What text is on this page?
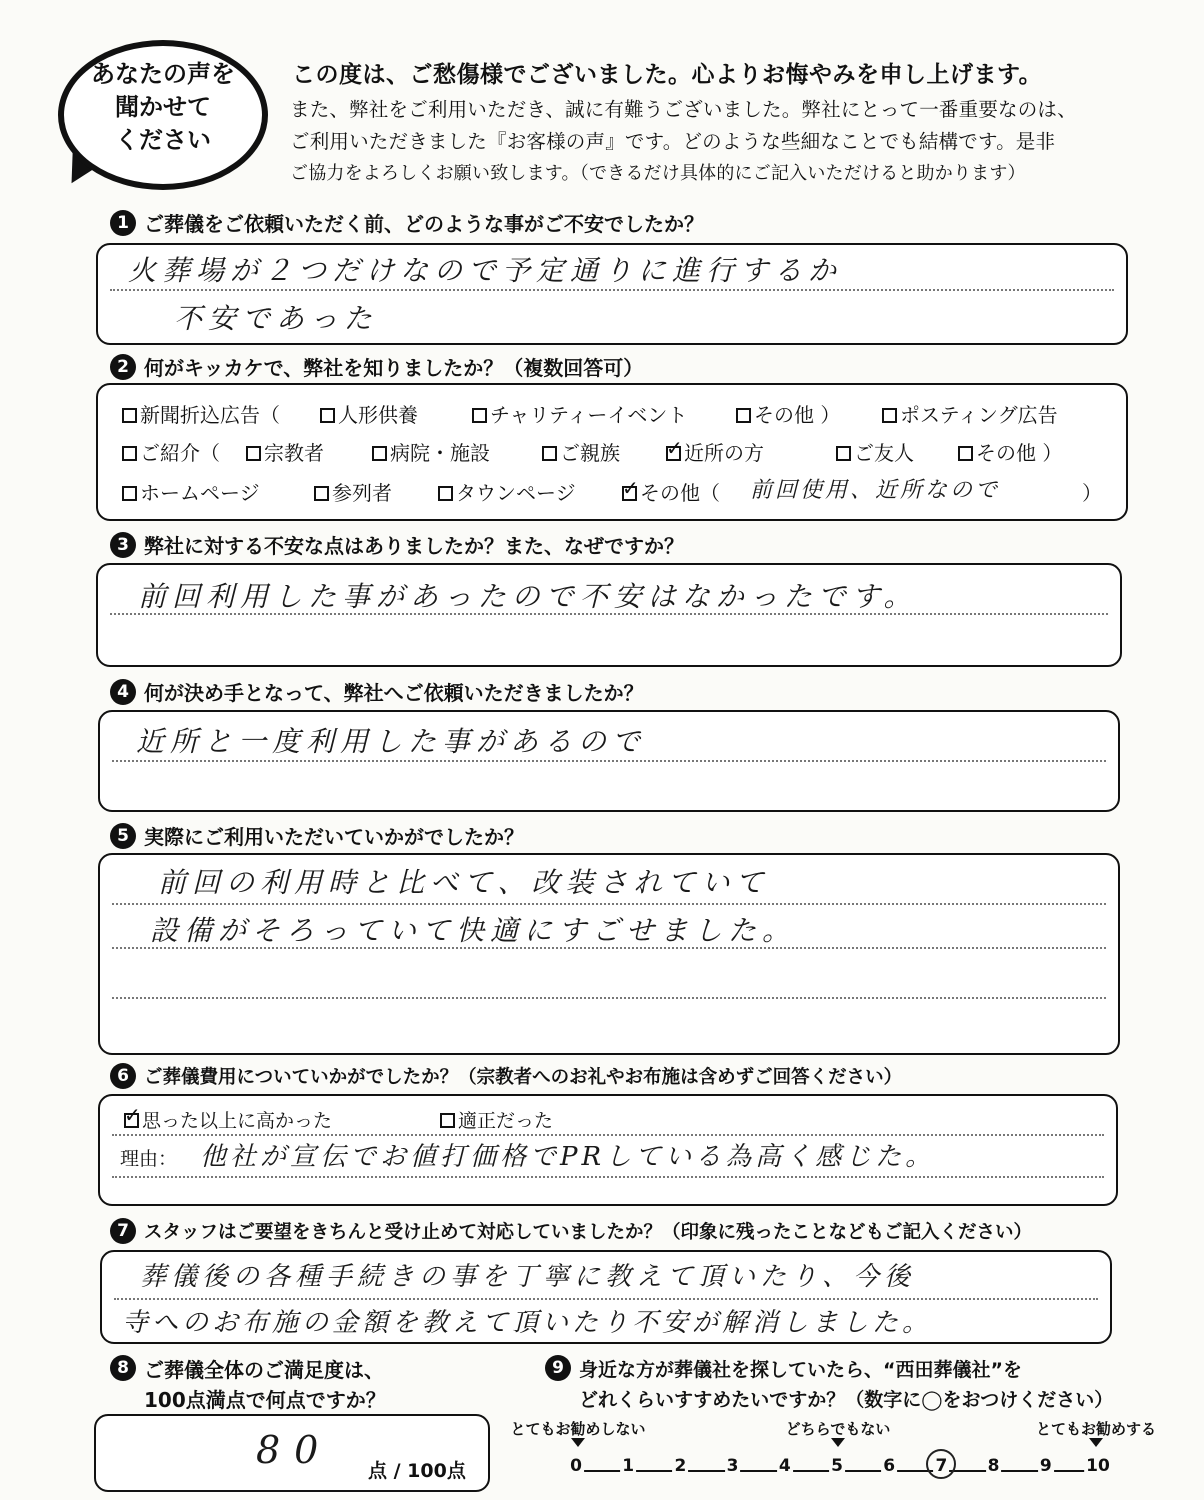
あなたの声を
聞かせて
ください
この度は、ご愁傷様でございました。心よりお悔やみを申し上げます。
また、弊社をご利用いただき、誠に有難うございました。弊社にとって一番重要なのは、
ご利用いただきました『お客様の声』です。どのような些細なことでも結構です。是非
ご協力をよろしくお願い致します。（できるだけ具体的にご記入いただけると助かります）
1 ご葬儀をご依頼いただく前、どのような事がご不安でしたか？
火葬場が２つだけなので予定通りに進行するか
不安であった
2 何がキッカケで、弊社を知りましたか？（複数回答可）
新聞折込広告（	人形供養	チャリティーイベント	その他 ）	ポスティング広告
ご紹介（	宗教者	病院・施設	ご親族 ✓	近所の方	ご友人	その他 ）
ホームページ	参列者	タウンページ ✓	その他（ 前回使用、近所なので	）
3 弊社に対する不安な点はありましたか？また、なぜですか？
前回利用した事があったので不安はなかったです。
4 何が決め手となって、弊社へご依頼いただきましたか？
近所と一度利用した事があるので
5 実際にご利用いただいていかがでしたか？
前回の利用時と比べて、改装されていて
設備がそろっていて快適にすごせました。
6 ご葬儀費用についていかがでしたか？（宗教者へのお礼やお布施は含めずご回答ください）
✓思った以上に高かった	適正だった
理由： 他社が宣伝でお値打価格でPRしている為高く感じた。
7 スタッフはご要望をきちんと受け止めて対応していましたか？（印象に残ったことなどもご記入ください）
葬儀後の各種手続きの事を丁寧に教えて頂いたり、今後
寺へのお布施の金額を教えて頂いたり不安が解消しました。
8 ご葬儀全体のご満足度は、
100点満点で何点ですか？
80 点 / 100点
9 身近な方が葬儀社を探していたら、“西田葬儀社”を
どれくらいすすめたいですか？（数字に◯をおつけください）
とてもお勧めしない	どちらでもない	とてもお勧めする
0 1 2 3 4 5 6 7 8 9 10
